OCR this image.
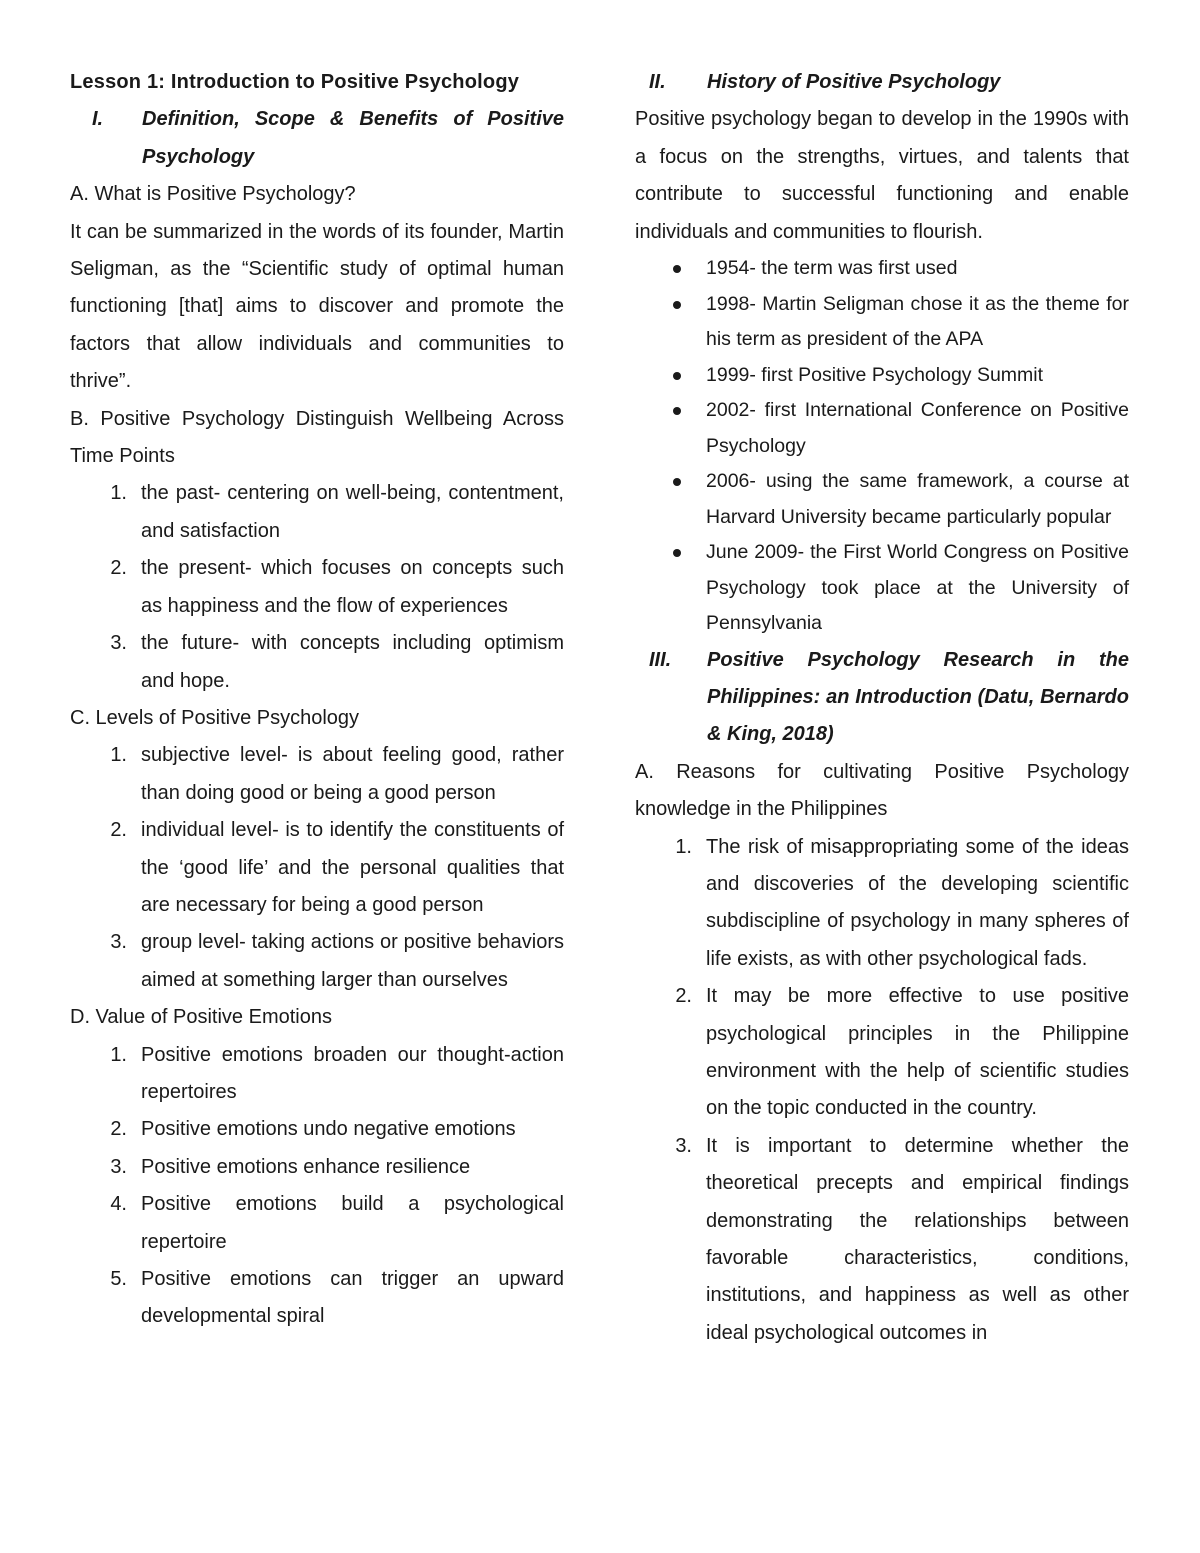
Lesson 1: Introduction to Positive Psychology

I.	Definition, Scope & Benefits of Positive Psychology

A. What is Positive Psychology?

It can be summarized in the words of its founder, Martin Seligman, as the “Scientific study of optimal human functioning [that] aims to discover and promote the factors that allow individuals and communities to thrive”.

B. Positive Psychology Distinguish Wellbeing Across Time Points

1. the past- centering on well-being, contentment, and satisfaction
2. the present- which focuses on concepts such as happiness and the flow of experiences
3. the future- with concepts including optimism and hope.

C. Levels of Positive Psychology

1. subjective level- is about feeling good, rather than doing good or being a good person
2. individual level- is to identify the constituents of the ‘good life’ and the personal qualities that are necessary for being a good person
3. group level- taking actions or positive behaviors aimed at something larger than ourselves

D. Value of Positive Emotions

1. Positive emotions broaden our thought-action repertoires
2. Positive emotions undo negative emotions
3. Positive emotions enhance resilience
4. Positive emotions build a psychological repertoire
5. Positive emotions can trigger an upward developmental spiral
II.	History of Positive Psychology

Positive psychology began to develop in the 1990s with a focus on the strengths, virtues, and talents that contribute to successful functioning and enable individuals and communities to flourish.

1954- the term was first used
1998- Martin Seligman chose it as the theme for his term as president of the APA
1999- first Positive Psychology Summit
2002- first International Conference on Positive Psychology
2006- using the same framework, a course at Harvard University became particularly popular
June 2009- the First World Congress on Positive Psychology took place at the University of Pennsylvania
III.	Positive Psychology Research in the Philippines: an Introduction (Datu, Bernardo & King, 2018)

A. Reasons for cultivating Positive Psychology knowledge in the Philippines

1. The risk of misappropriating some of the ideas and discoveries of the developing scientific subdiscipline of psychology in many spheres of life exists, as with other psychological fads.
2. It may be more effective to use positive psychological principles in the Philippine environment with the help of scientific studies on the topic conducted in the country.
3. It is important to determine whether the theoretical precepts and empirical findings demonstrating the relationships between favorable characteristics, conditions, institutions, and happiness as well as other ideal psychological outcomes in
